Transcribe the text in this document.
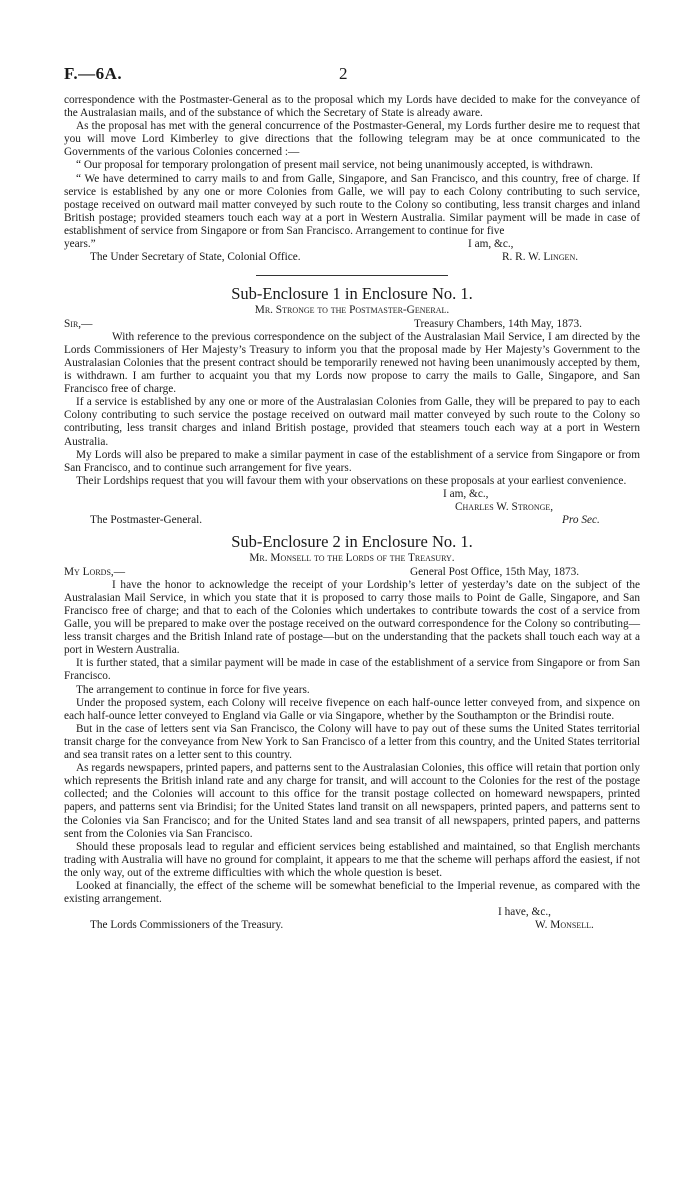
F.—6A.	2

correspondence with the Postmaster-General as to the proposal which my Lords have decided to make for the conveyance of the Australasian mails, and of the substance of which the Secretary of State is already aware.

As the proposal has met with the general concurrence of the Postmaster-General, my Lords further desire me to request that you will move Lord Kimberley to give directions that the following telegram may be at once communicated to the Governments of the various Colonies concerned :—

“ Our proposal for temporary prolongation of present mail service, not being unanimously accepted, is withdrawn.

“ We have determined to carry mails to and from Galle, Singapore, and San Francisco, and this country, free of charge. If service is established by any one or more Colonies from Galle, we will pay to each Colony contributing to such service, postage received on outward mail matter conveyed by such route to the Colony so contibuting, less transit charges and inland British postage; provided steamers touch each way at a port in Western Australia. Similar payment will be made in case of establishment of service from Singapore or from San Francisco. Arrangement to continue for five

years.”	I am, &c.,
The Under Secretary of State, Colonial Office.	R. R. W. Lingen.

Sub-Enclosure 1 in Enclosure No. 1.

Mr. Stronge to the Postmaster-General.

Sir,—	Treasury Chambers, 14th May, 1873.

With reference to the previous correspondence on the subject of the Australasian Mail Service, I am directed by the Lords Commissioners of Her Majesty’s Treasury to inform you that the proposal made by Her Majesty’s Government to the Australasian Colonies that the present contract should be temporarily renewed not having been unanimously accepted by them, is withdrawn. I am further to acquaint you that my Lords now propose to carry the mails to Galle, Singapore, and San Francisco free of charge.

If a service is established by any one or more of the Australasian Colonies from Galle, they will be prepared to pay to each Colony contributing to such service the postage received on outward mail matter conveyed by such route to the Colony so contributing, less transit charges and inland British postage, provided that steamers touch each way at a port in Western Australia.

My Lords will also be prepared to make a similar payment in case of the establishment of a service from Singapore or from San Francisco, and to continue such arrangement for five years.

Their Lordships request that you will favour them with your observations on these proposals at your earliest convenience.

I am, &c.,
Charles W. Stronge,
The Postmaster-General.	Pro Sec.

Sub-Enclosure 2 in Enclosure No. 1.

Mr. Monsell to the Lords of the Treasury.

My Lords,—	General Post Office, 15th May, 1873.

I have the honor to acknowledge the receipt of your Lordship’s letter of yesterday’s date on the subject of the Australasian Mail Service, in which you state that it is proposed to carry those mails to Point de Galle, Singapore, and San Francisco free of charge; and that to each of the Colonies which undertakes to contribute towards the cost of a service from Galle, you will be prepared to make over the postage received on the outward correspondence for the Colony so contributing—less transit charges and the British Inland rate of postage—but on the understanding that the packets shall touch each way at a port in Western Australia.

It is further stated, that a similar payment will be made in case of the establishment of a service from Singapore or from San Francisco.

The arrangement to continue in force for five years.

Under the proposed system, each Colony will receive fivepence on each half-ounce letter conveyed from, and sixpence on each half-ounce letter conveyed to England via Galle or via Singapore, whether by the Southampton or the Brindisi route.

But in the case of letters sent via San Francisco, the Colony will have to pay out of these sums the United States territorial transit charge for the conveyance from New York to San Francisco of a letter from this country, and the United States territorial and sea transit rates on a letter sent to this country.

As regards newspapers, printed papers, and patterns sent to the Australasian Colonies, this office will retain that portion only which represents the British inland rate and any charge for transit, and will account to the Colonies for the rest of the postage collected; and the Colonies will account to this office for the transit postage collected on homeward newspapers, printed papers, and patterns sent via Brindisi; for the United States land transit on all newspapers, printed papers, and patterns sent to the Colonies via San Francisco; and for the United States land and sea transit of all newspapers, printed papers, and patterns sent from the Colonies via San Francisco.

Should these proposals lead to regular and efficient services being established and maintained, so that English merchants trading with Australia will have no ground for complaint, it appears to me that the scheme will perhaps afford the easiest, if not the only way, out of the extreme difficulties with which the whole question is beset.

Looked at financially, the effect of the scheme will be somewhat beneficial to the Imperial revenue, as compared with the existing arrangement.

I have, &c.,
The Lords Commissioners of the Treasury.	W. Monsell.
